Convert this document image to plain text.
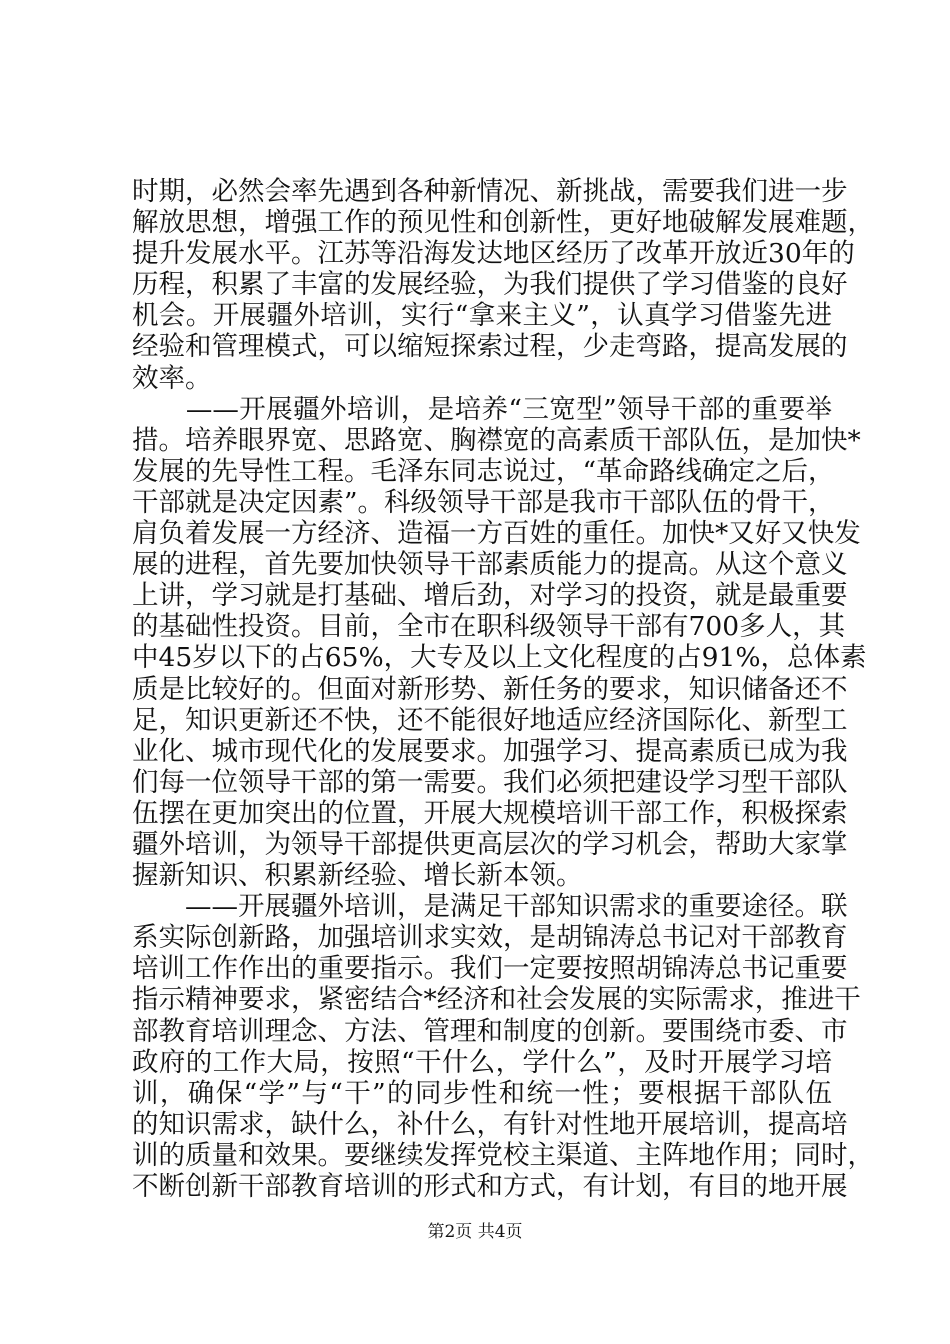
时期，必然会率先遇到各种新情况、新挑战，需要我们进一步
解放思想，增强工作的预见性和创新性，更好地破解发展难题，
提升发展水平。江苏等沿海发达地区经历了改革开放近30年的
历程，积累了丰富的发展经验，为我们提供了学习借鉴的良好
机会。开展疆外培训，实行“拿来主义”，认真学习借鉴先进
经验和管理模式，可以缩短探索过程，少走弯路，提高发展的
效率。
　　——开展疆外培训，是培养“三宽型”领导干部的重要举
措。培养眼界宽、思路宽、胸襟宽的高素质干部队伍，是加快*
发展的先导性工程。毛泽东同志说过，“革命路线确定之后，
干部就是决定因素”。科级领导干部是我市干部队伍的骨干，
肩负着发展一方经济、造福一方百姓的重任。加快*又好又快发
展的进程，首先要加快领导干部素质能力的提高。从这个意义
上讲，学习就是打基础、增后劲，对学习的投资，就是最重要
的基础性投资。目前，全市在职科级领导干部有700多人，其
中45岁以下的占65%，大专及以上文化程度的占91%，总体素
质是比较好的。但面对新形势、新任务的要求，知识储备还不
足，知识更新还不快，还不能很好地适应经济国际化、新型工
业化、城市现代化的发展要求。加强学习、提高素质已成为我
们每一位领导干部的第一需要。我们必须把建设学习型干部队
伍摆在更加突出的位置，开展大规模培训干部工作，积极探索
疆外培训，为领导干部提供更高层次的学习机会，帮助大家掌
握新知识、积累新经验、增长新本领。
　　——开展疆外培训，是满足干部知识需求的重要途径。联
系实际创新路，加强培训求实效，是胡锦涛总书记对干部教育
培训工作作出的重要指示。我们一定要按照胡锦涛总书记重要
指示精神要求，紧密结合*经济和社会发展的实际需求，推进干
部教育培训理念、方法、管理和制度的创新。要围绕市委、市
政府的工作大局，按照“干什么，学什么”，及时开展学习培
训，确保“学”与“干”的同步性和统一性；要根据干部队伍
的知识需求，缺什么，补什么，有针对性地开展培训，提高培
训的质量和效果。要继续发挥党校主渠道、主阵地作用；同时，
不断创新干部教育培训的形式和方式，有计划，有目的地开展
第2页 共4页
